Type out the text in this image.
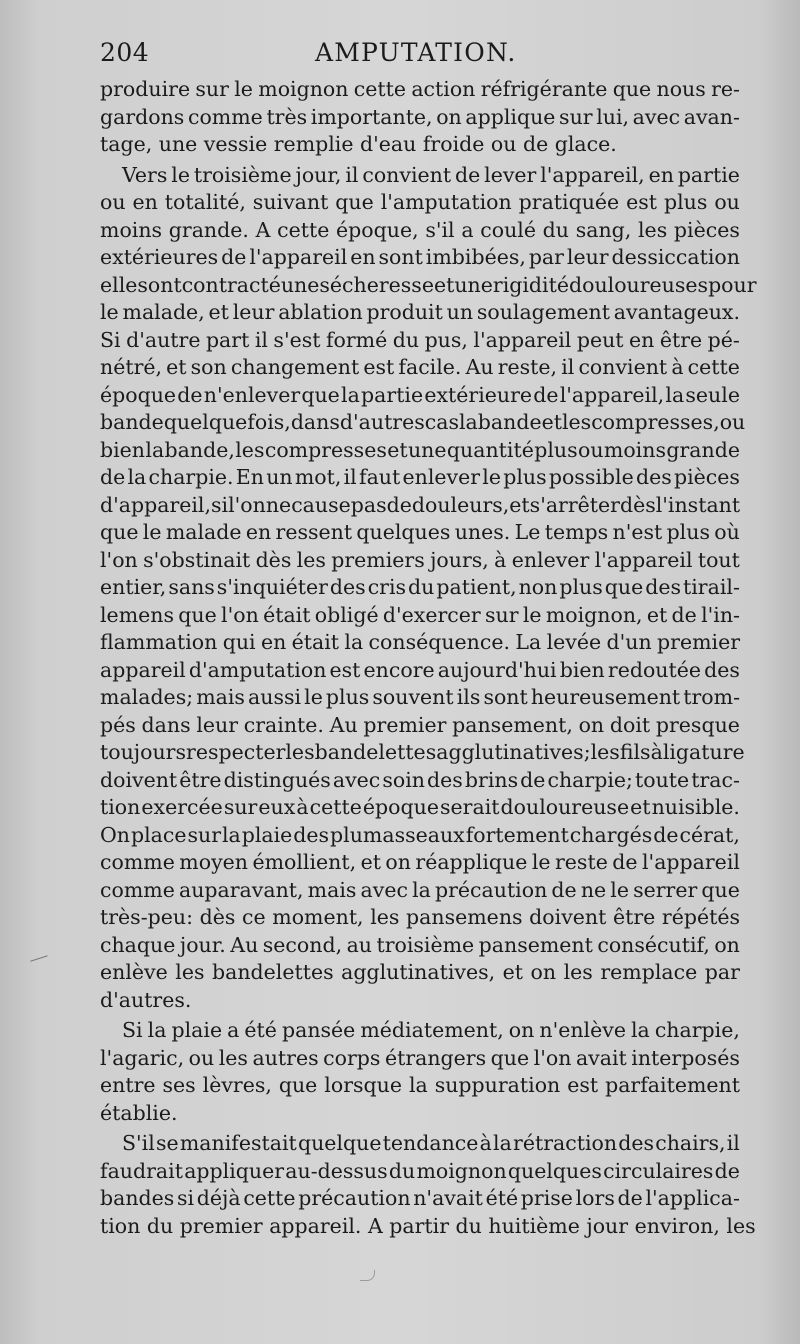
204	AMPUTATION.
produire sur le moignon cette action réfrigérante que nous re-
gardons comme très importante, on applique sur lui, avec avan-
tage, une vessie remplie d'eau froide ou de glace.
Vers le troisième jour, il convient de lever l'appareil, en partie
ou en totalité, suivant que l'amputation pratiquée est plus ou
moins grande. A cette époque, s'il a coulé du sang, les pièces
extérieures de l'appareil en sont imbibées, par leur dessiccation
elles ont contracté une sécheresse et une rigidité douloureuses pour
le malade, et leur ablation produit un soulagement avantageux.
Si d'autre part il s'est formé du pus, l'appareil peut en être pé-
nétré, et son changement est facile. Au reste, il convient à cette
époque de n'enlever que la partie extérieure de l'appareil, la seule
bande quelquefois, dans d'autres cas la bande et les compresses, ou
bien la bande, les compresses et une quantité plus ou moins grande
de la charpie. En un mot, il faut enlever le plus possible des pièces
d'appareil, si l'on ne cause pas de douleurs, et s'arrêter dès l'instant
que le malade en ressent quelques unes. Le temps n'est plus où
l'on s'obstinait dès les premiers jours, à enlever l'appareil tout
entier, sans s'inquiéter des cris du patient, non plus que des tirail-
lemens que l'on était obligé d'exercer sur le moignon, et de l'in-
flammation qui en était la conséquence. La levée d'un premier
appareil d'amputation est encore aujourd'hui bien redoutée des
malades; mais aussi le plus souvent ils sont heureusement trom-
pés dans leur crainte. Au premier pansement, on doit presque
toujours respecter les bandelettes agglutinatives; les fils à ligature
doivent être distingués avec soin des brins de charpie; toute trac-
tion exercée sur eux à cette époque serait douloureuse et nuisible.
On place sur la plaie des plumasseaux fortement chargés de cérat,
comme moyen émollient, et on réapplique le reste de l'appareil
comme auparavant, mais avec la précaution de ne le serrer que
très-peu: dès ce moment, les pansemens doivent être répétés
chaque jour. Au second, au troisième pansement consécutif, on
enlève les bandelettes agglutinatives, et on les remplace par
d'autres.
Si la plaie a été pansée médiatement, on n'enlève la charpie,
l'agaric, ou les autres corps étrangers que l'on avait interposés
entre ses lèvres, que lorsque la suppuration est parfaitement
établie.
S'il se manifestait quelque tendance à la rétraction des chairs, il
faudrait appliquer au-dessus du moignon quelques circulaires de
bandes si déjà cette précaution n'avait été prise lors de l'applica-
tion du premier appareil. A partir du huitième jour environ, les
